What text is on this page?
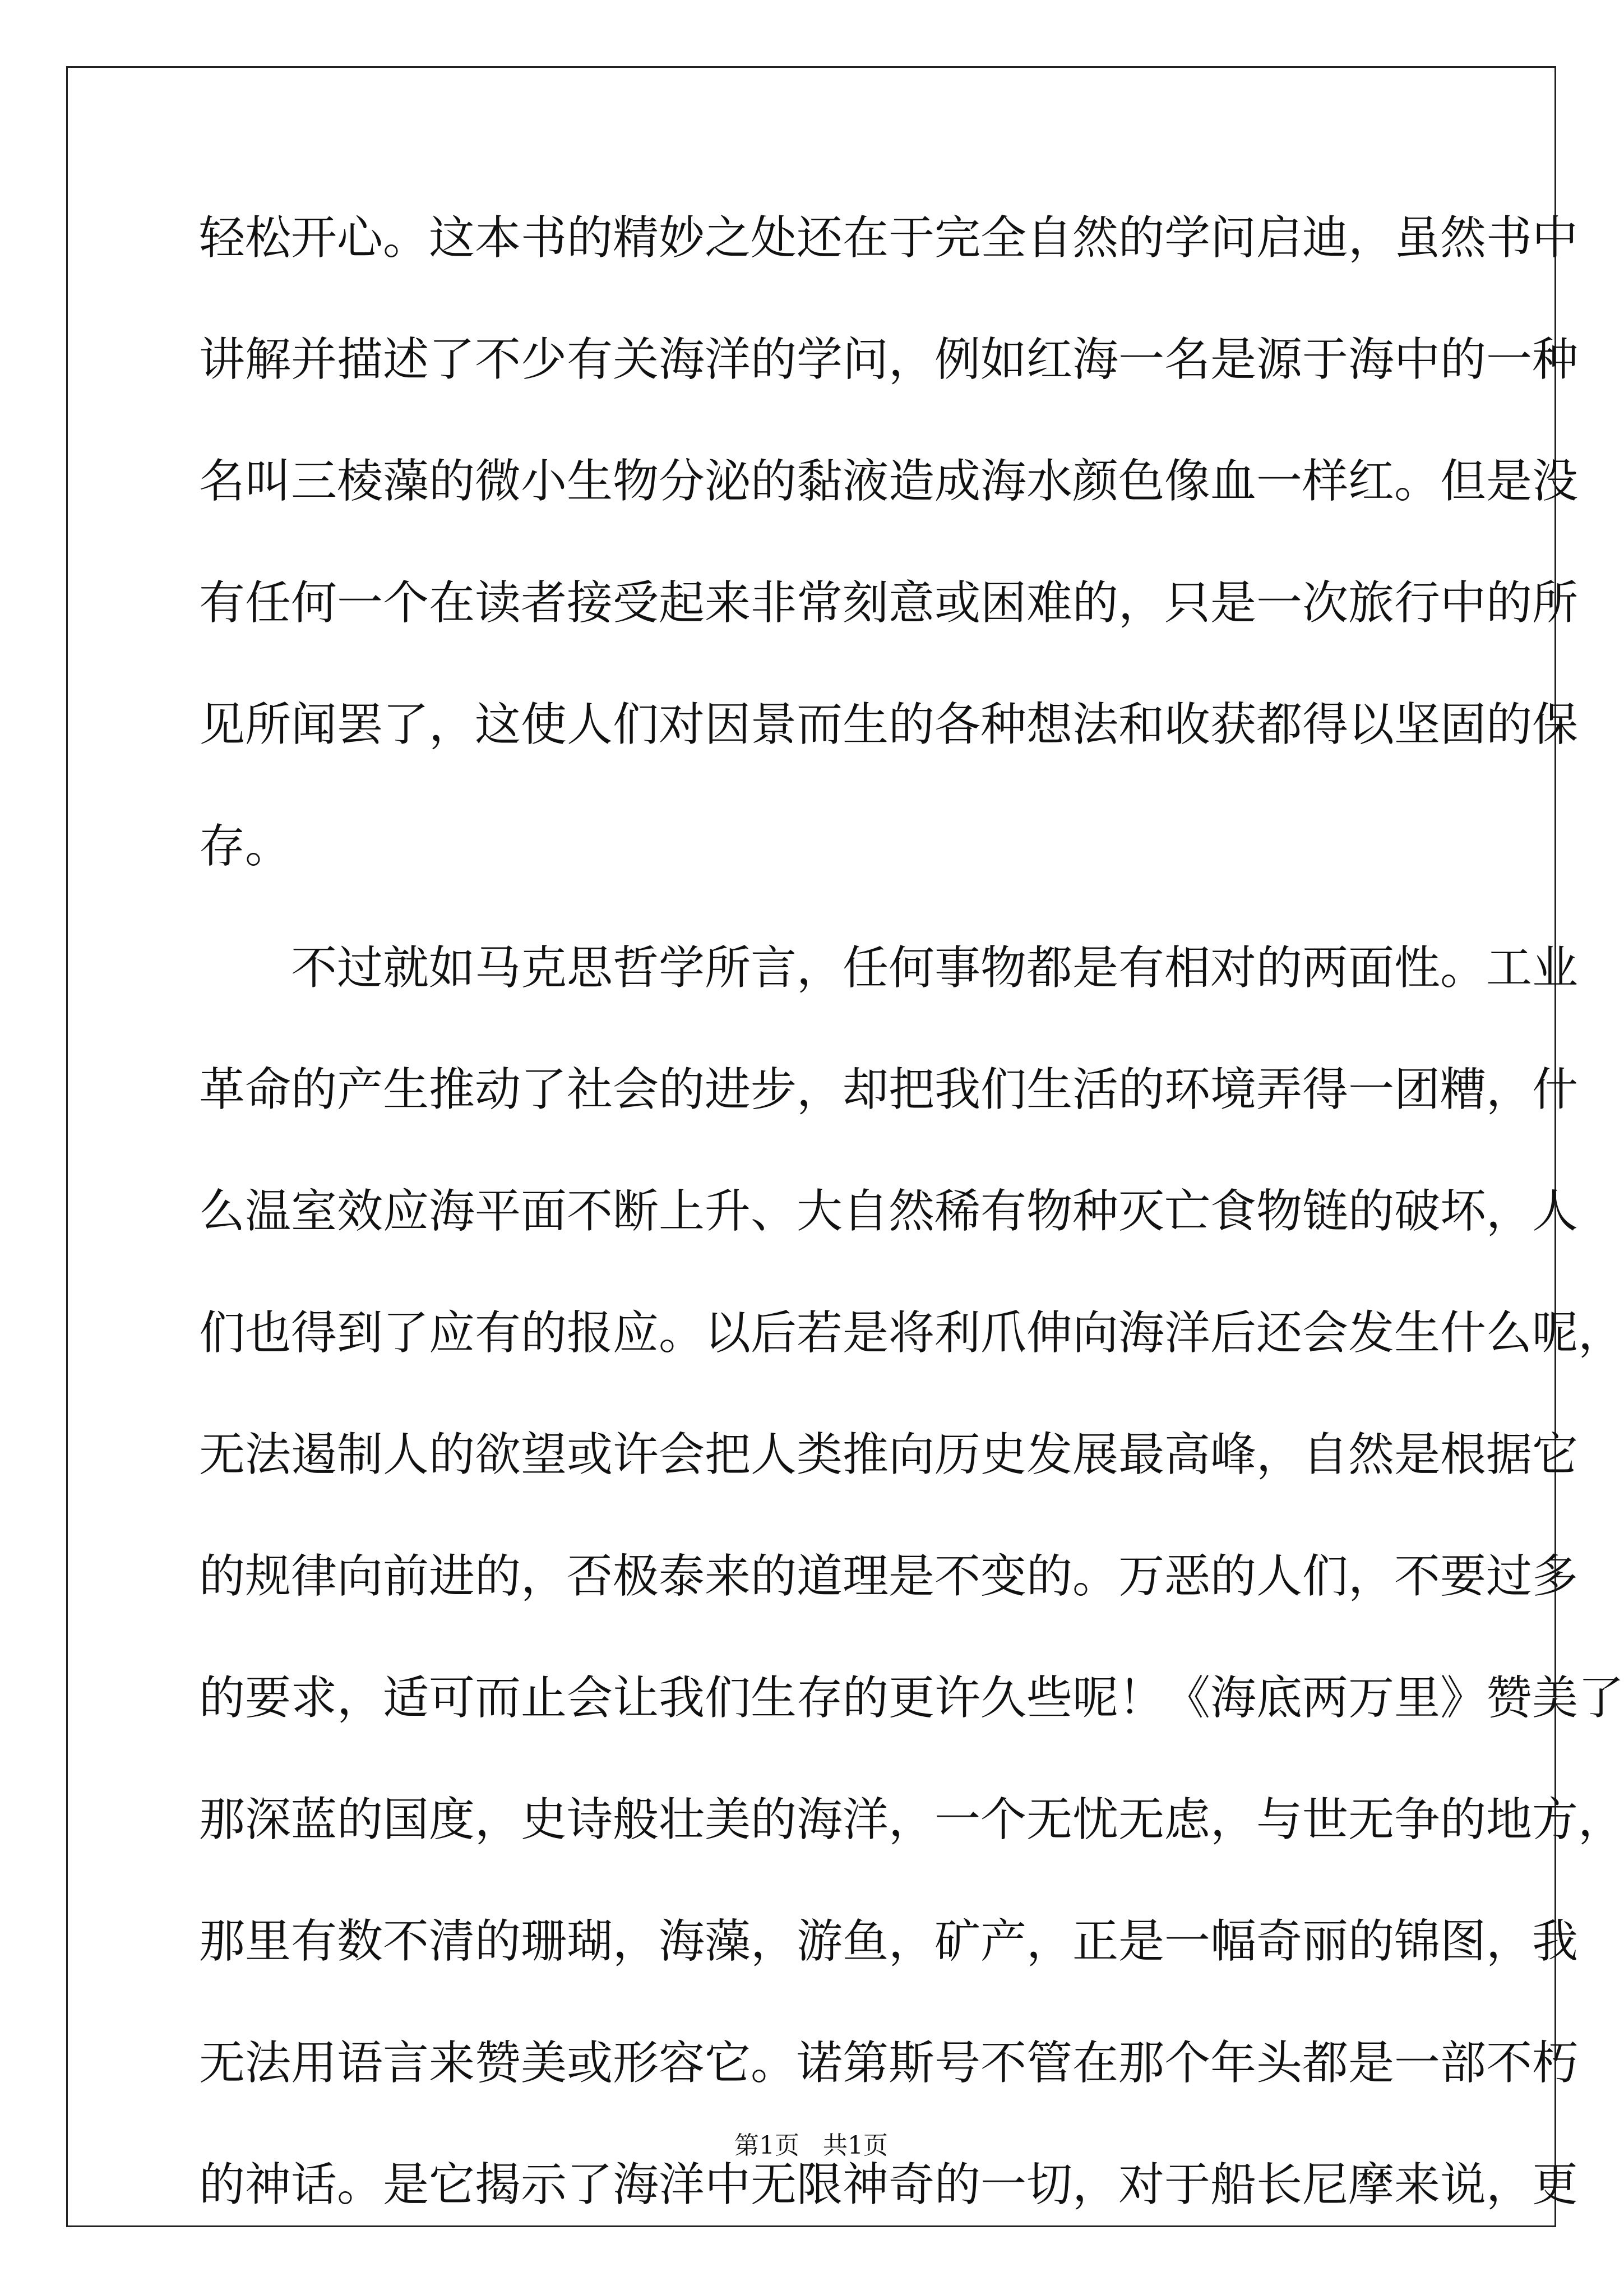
轻松开心。这本书的精妙之处还在于完全自然的学问启迪，虽然书中
讲解并描述了不少有关海洋的学问，例如红海一名是源于海中的一种
名叫三棱藻的微小生物分泌的黏液造成海水颜色像血一样红。但是没
有任何一个在读者接受起来非常刻意或困难的，只是一次旅行中的所
见所闻罢了，这使人们对因景而生的各种想法和收获都得以坚固的保
存。
不过就如马克思哲学所言，任何事物都是有相对的两面性。工业
革命的产生推动了社会的进步，却把我们生活的环境弄得一团糟，什
么温室效应海平面不断上升、大自然稀有物种灭亡食物链的破坏，人
们也得到了应有的报应。以后若是将利爪伸向海洋后还会发生什么呢，
无法遏制人的欲望或许会把人类推向历史发展最高峰，自然是根据它
的规律向前进的，否极泰来的道理是不变的。万恶的人们，不要过多
的要求，适可而止会让我们生存的更许久些呢！《海底两万里》赞美了
那深蓝的国度，史诗般壮美的海洋，一个无忧无虑，与世无争的地方，
那里有数不清的珊瑚，海藻，游鱼，矿产，正是一幅奇丽的锦图，我
无法用语言来赞美或形容它。诺第斯号不管在那个年头都是一部不朽
的神话。是它揭示了海洋中无限神奇的一切，对于船长尼摩来说，更
第1页   共1页
